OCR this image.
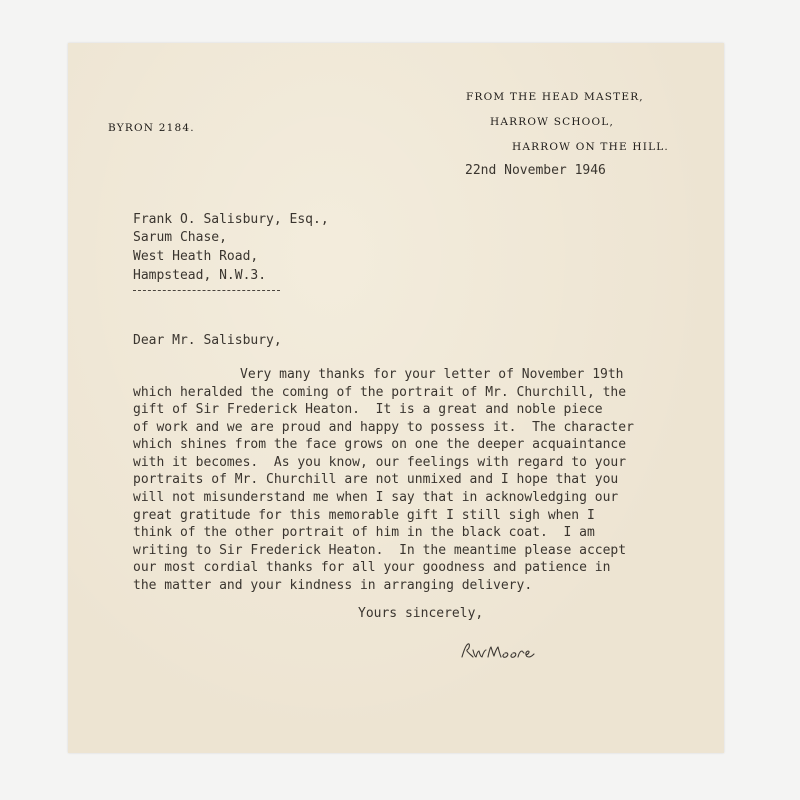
BYRON 2184.
FROM THE HEAD MASTER,
HARROW SCHOOL,
HARROW ON THE HILL.
22nd November 1946
Frank O. Salisbury, Esq.,
Sarum Chase,
West Heath Road,
Hampstead, N.W.3.
Dear Mr. Salisbury,
Very many thanks for your letter of November 19th
which heralded the coming of the portrait of Mr. Churchill, the
gift of Sir Frederick Heaton.  It is a great and noble piece
of work and we are proud and happy to possess it.  The character
which shines from the face grows on one the deeper acquaintance
with it becomes.  As you know, our feelings with regard to your
portraits of Mr. Churchill are not unmixed and I hope that you
will not misunderstand me when I say that in acknowledging our
great gratitude for this memorable gift I still sigh when I
think of the other portrait of him in the black coat.  I am
writing to Sir Frederick Heaton.  In the meantime please accept
our most cordial thanks for all your goodness and patience in
the matter and your kindness in arranging delivery.
Yours sincerely,
